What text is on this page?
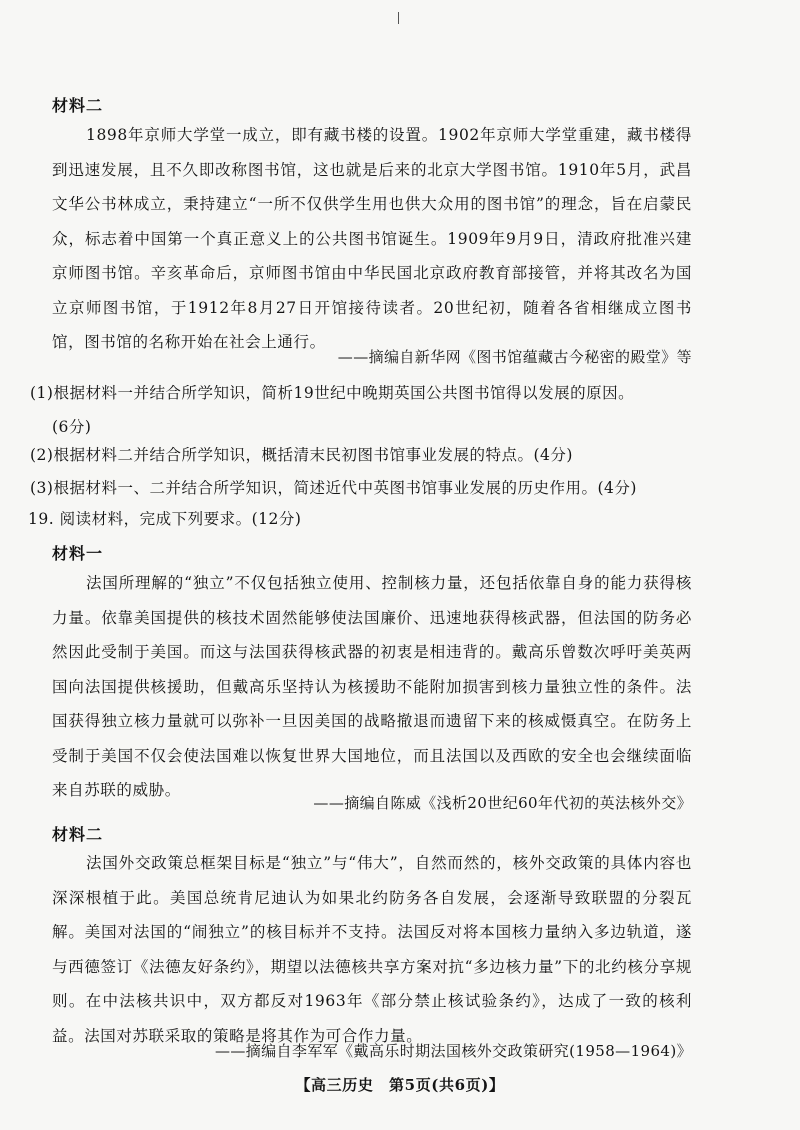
材料二
1898年京师大学堂一成立，即有藏书楼的设置。1902年京师大学堂重建，藏书楼得到迅速发展，且不久即改称图书馆，这也就是后来的北京大学图书馆。1910年5月，武昌文华公书林成立，秉持建立“一所不仅供学生用也供大众用的图书馆”的理念，旨在启蒙民众，标志着中国第一个真正意义上的公共图书馆诞生。1909年9月9日，清政府批准兴建京师图书馆。辛亥革命后，京师图书馆由中华民国北京政府教育部接管，并将其改名为国立京师图书馆，于1912年8月27日开馆接待读者。20世纪初，随着各省相继成立图书馆，图书馆的名称开始在社会上通行。
——摘编自新华网《图书馆蕴藏古今秘密的殿堂》等
(1)根据材料一并结合所学知识，简析19世纪中晚期英国公共图书馆得以发展的原因。
(6分)
(2)根据材料二并结合所学知识，概括清末民初图书馆事业发展的特点。(4分)
(3)根据材料一、二并结合所学知识，简述近代中英图书馆事业发展的历史作用。(4分)
19. 阅读材料，完成下列要求。(12分)
材料一
法国所理解的“独立”不仅包括独立使用、控制核力量，还包括依靠自身的能力获得核力量。依靠美国提供的核技术固然能够使法国廉价、迅速地获得核武器，但法国的防务必然因此受制于美国。而这与法国获得核武器的初衷是相违背的。戴高乐曾数次呼吁美英两国向法国提供核援助，但戴高乐坚持认为核援助不能附加损害到核力量独立性的条件。法国获得独立核力量就可以弥补一旦因美国的战略撤退而遗留下来的核威慑真空。在防务上受制于美国不仅会使法国难以恢复世界大国地位，而且法国以及西欧的安全也会继续面临来自苏联的威胁。
——摘编自陈威《浅析20世纪60年代初的英法核外交》
材料二
法国外交政策总框架目标是“独立”与“伟大”，自然而然的，核外交政策的具体内容也深深根植于此。美国总统肯尼迪认为如果北约防务各自发展，会逐渐导致联盟的分裂瓦解。美国对法国的“闹独立”的核目标并不支持。法国反对将本国核力量纳入多边轨道，遂与西德签订《法德友好条约》，期望以法德核共享方案对抗“多边核力量”下的北约核分享规则。在中法核共识中，双方都反对1963年《部分禁止核试验条约》，达成了一致的核利益。法国对苏联采取的策略是将其作为可合作力量。
——摘编自李军军《戴高乐时期法国核外交政策研究(1958—1964)》
【高三历史　第5页(共6页)】
